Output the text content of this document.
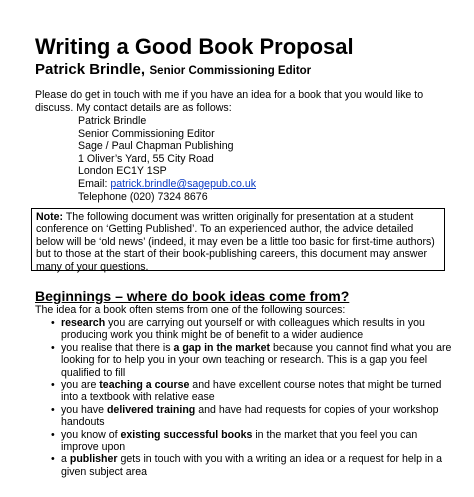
Writing a Good Book Proposal
Patrick Brindle, Senior Commissioning Editor

Please do get in touch with me if you have an idea for a book that you would like to discuss. My contact details are as follows:

Patrick Brindle
Senior Commissioning Editor
Sage / Paul Chapman Publishing
1 Oliver’s Yard, 55 City Road
London EC1Y 1SP
Email: patrick.brindle@sagepub.co.uk
Telephone (020) 7324 8676
Note: The following document was written originally for presentation at a student conference on ‘Getting Published’. To an experienced author, the advice detailed below will be ‘old news’ (indeed, it may even be a little too basic for first-time authors) but to those at the start of their book-publishing careers, this document may answer many of your questions.
Beginnings – where do book ideas come from?
The idea for a book often stems from one of the following sources:
• research you are carrying out yourself or with colleagues which results in you producing work you think might be of benefit to a wider audience
• you realise that there is a gap in the market because you cannot find what you are looking for to help you in your own teaching or research. This is a gap you feel qualified to fill
• you are teaching a course and have excellent course notes that might be turned into a textbook with relative ease
• you have delivered training and have had requests for copies of your workshop handouts
• you know of existing successful books in the market that you feel you can improve upon
• a publisher gets in touch with you with a writing an idea or a request for help in a given subject area
